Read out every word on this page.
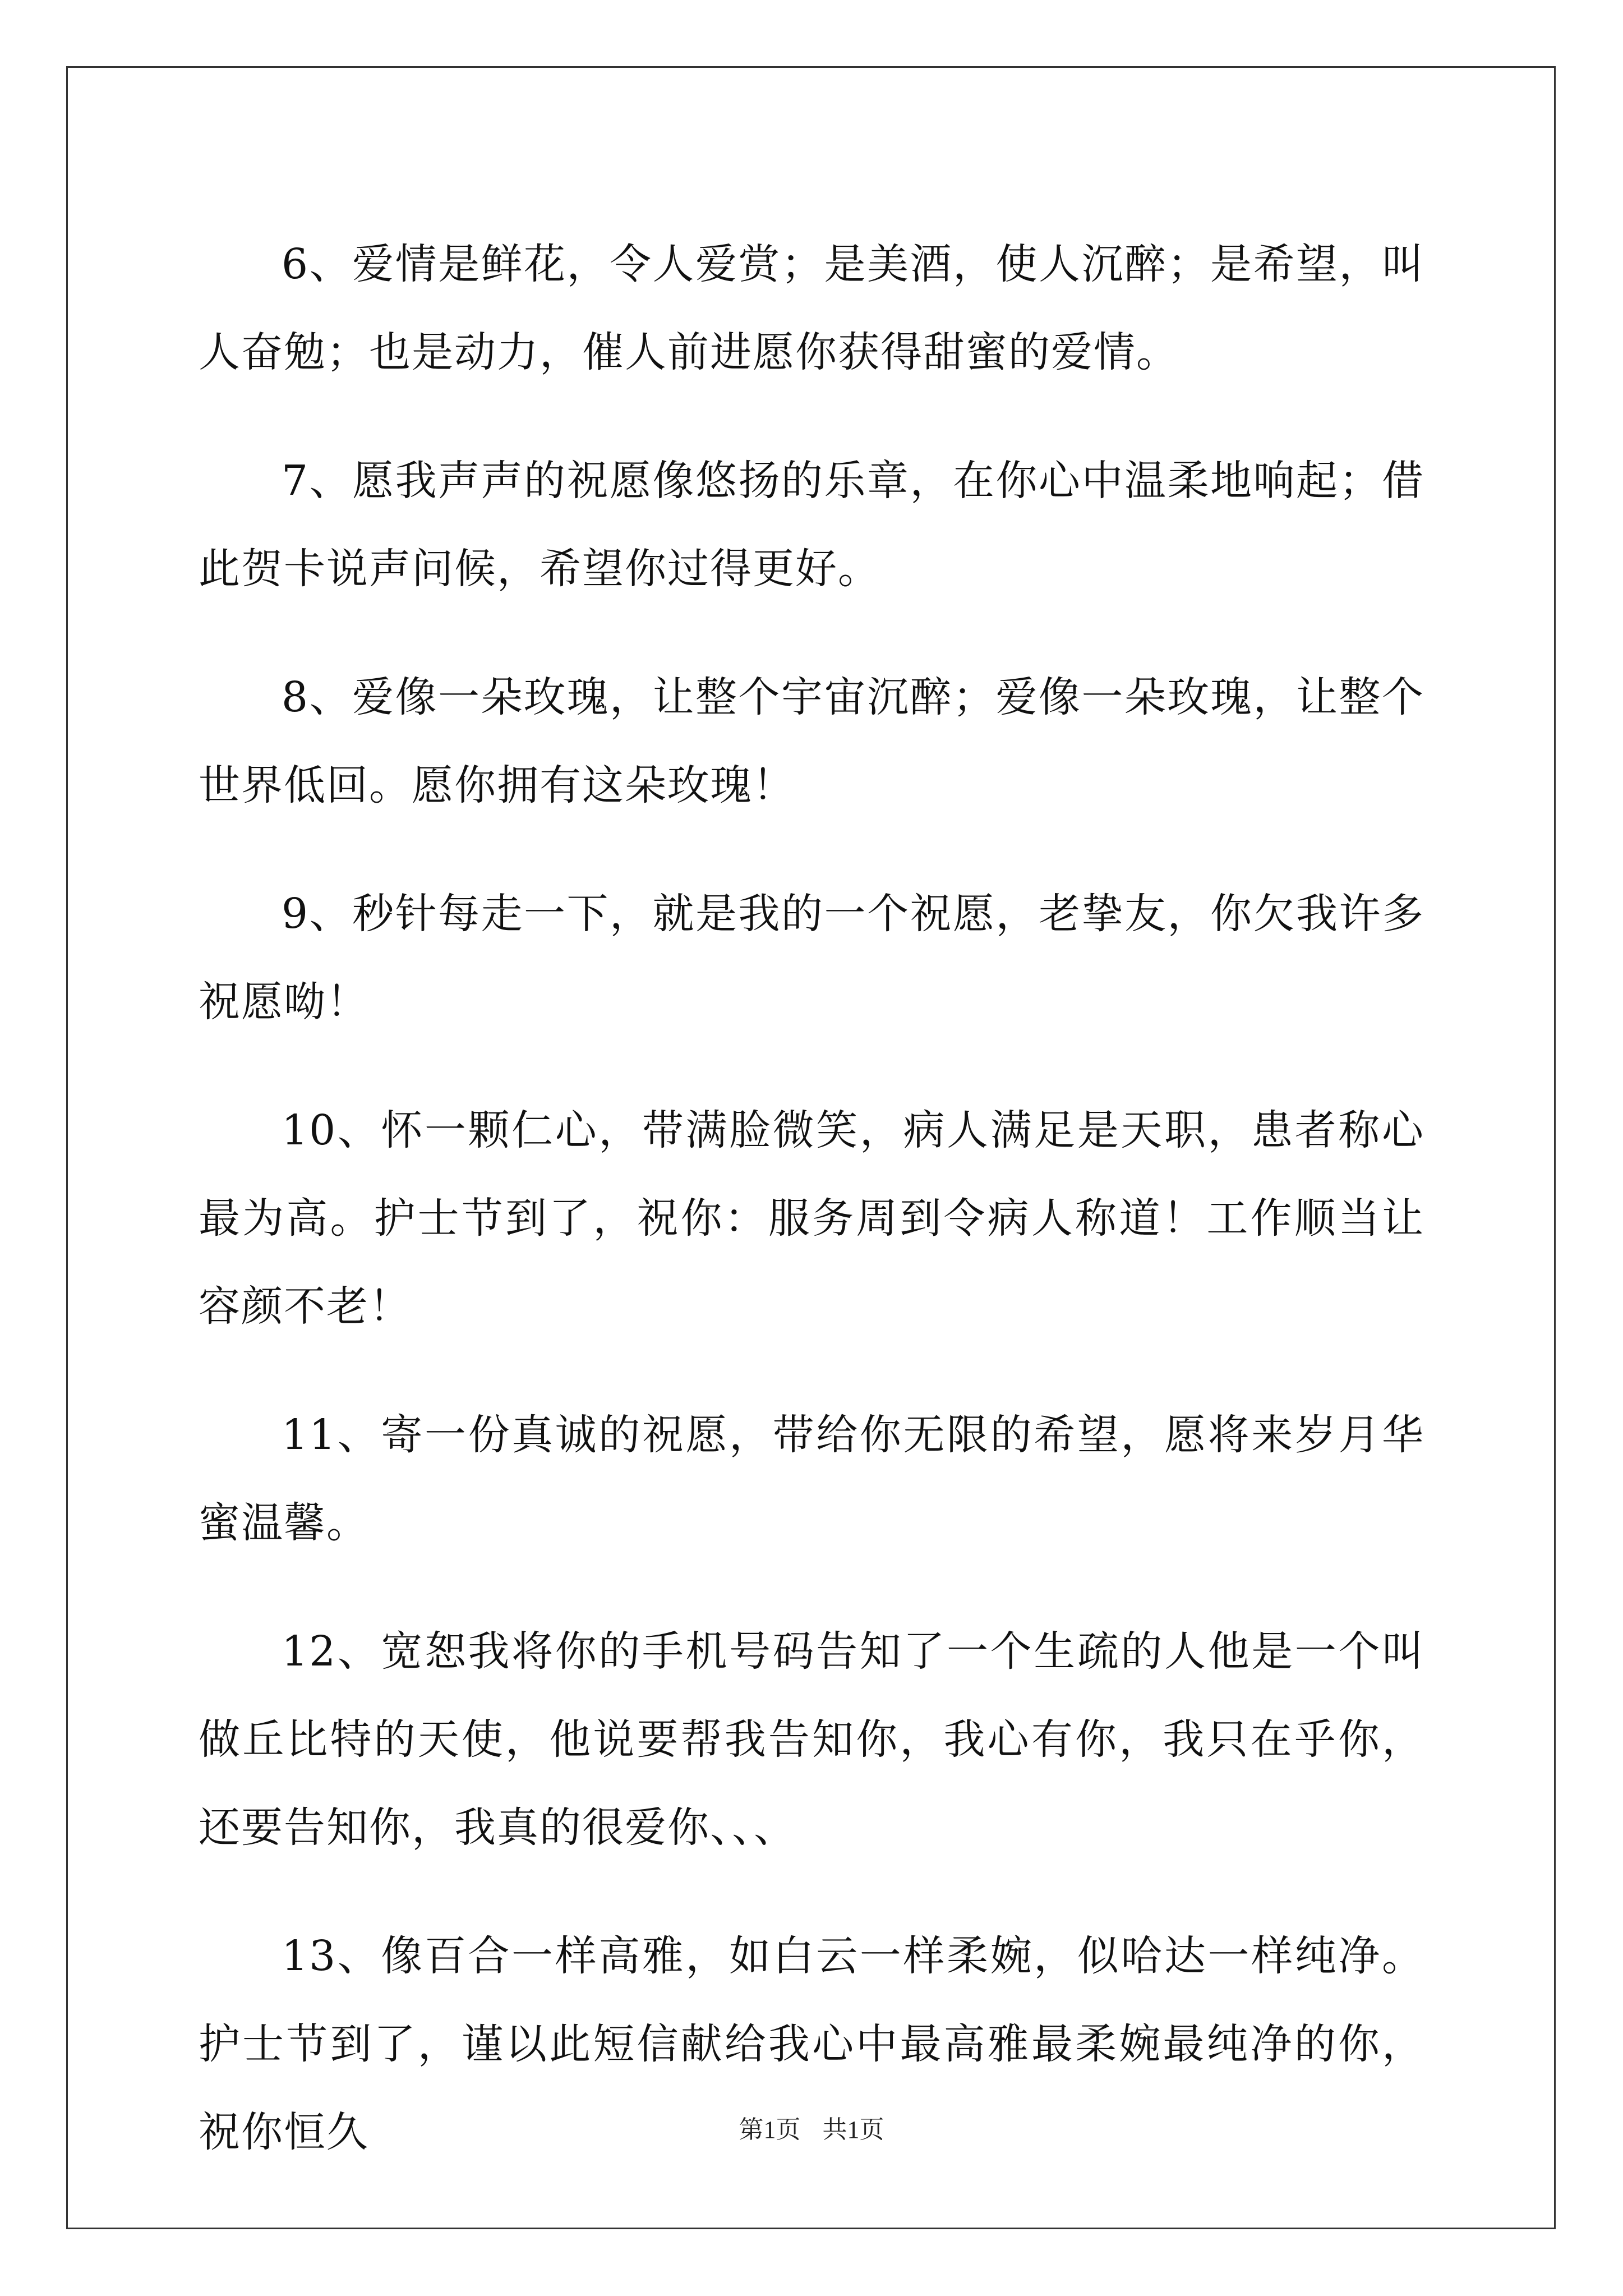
6、爱情是鲜花，令人爱赏；是美酒，使人沉醉；是希望，叫人奋勉；也是动力，催人前进愿你获得甜蜜的爱情。

7、愿我声声的祝愿像悠扬的乐章，在你心中温柔地响起；借此贺卡说声问候，希望你过得更好。

8、爱像一朵玫瑰，让整个宇宙沉醉；爱像一朵玫瑰，让整个世界低回。愿你拥有这朵玫瑰！

9、秒针每走一下，就是我的一个祝愿，老挚友，你欠我许多祝愿呦！

10、怀一颗仁心，带满脸微笑，病人满足是天职，患者称心最为高。护士节到了，祝你：服务周到令病人称道！工作顺当让容颜不老！

11、寄一份真诚的祝愿，带给你无限的希望，愿将来岁月华蜜温馨。

12、宽恕我将你的手机号码告知了一个生疏的人他是一个叫做丘比特的天使，他说要帮我告知你，我心有你，我只在乎你，还要告知你，我真的很爱你、、、

13、像百合一样高雅，如白云一样柔婉，似哈达一样纯净。护士节到了，谨以此短信献给我心中最高雅最柔婉最纯净的你，祝你恒久	第1页 共1页
